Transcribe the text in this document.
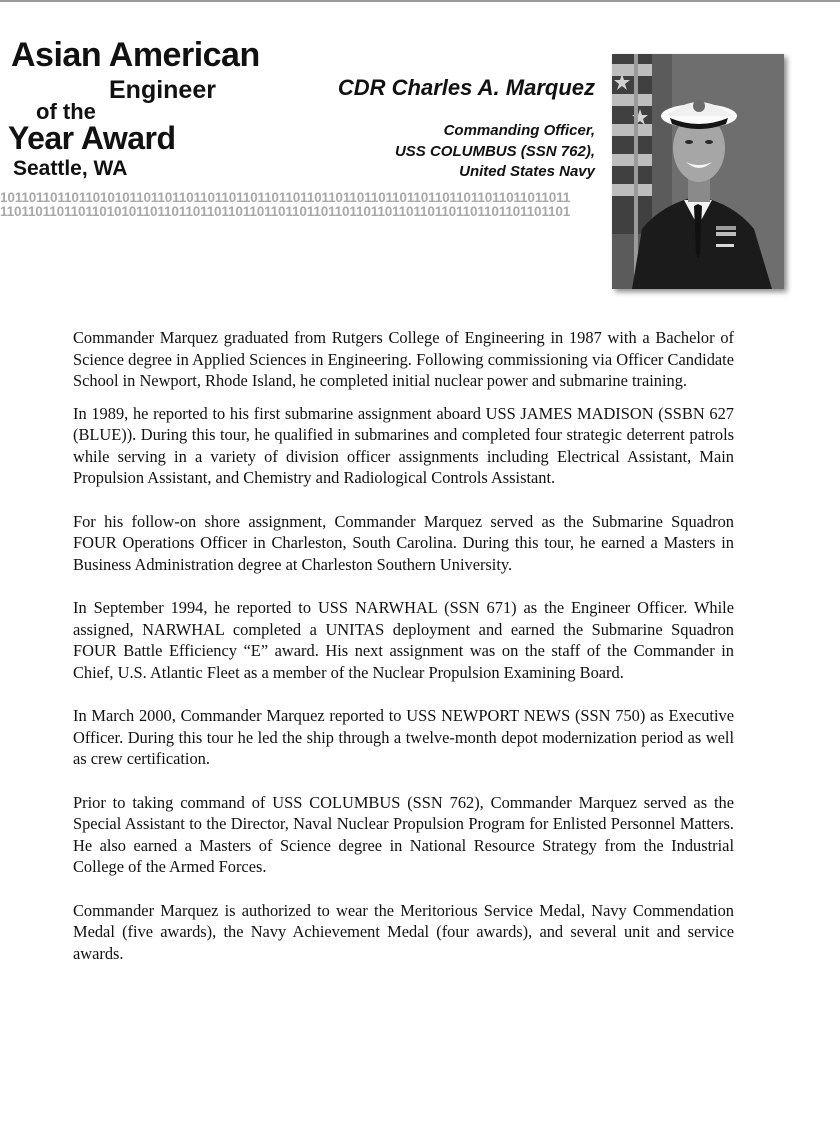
Asian American
Engineer
of the
Year Award
Seattle, WA
10110110110110101011011011011011011011011011011011011011011011011011011011011011
11011011011011010101101101101101101101101101101101101101101101101101101101101101
CDR Charles A. Marquez
Commanding Officer,
USS COLUMBUS (SSN 762),
United States Navy

Commander Marquez graduated from Rutgers College of Engineering in 1987 with a Bachelor of Science degree in Applied Sciences in Engineering. Following commissioning via Officer Candidate School in Newport, Rhode Island, he completed initial nuclear power and submarine training.

In 1989, he reported to his first submarine assignment aboard USS JAMES MADISON (SSBN 627 (BLUE)). During this tour, he qualified in submarines and completed four strategic deterrent patrols while serving in a variety of division officer assignments including Electrical Assistant, Main Propulsion Assistant, and Chemistry and Radiological Controls Assistant.

For his follow-on shore assignment, Commander Marquez served as the Submarine Squadron FOUR Operations Officer in Charleston, South Carolina. During this tour, he earned a Masters in Business Administration degree at Charleston Southern University.

In September 1994, he reported to USS NARWHAL (SSN 671) as the Engineer Officer. While assigned, NARWHAL completed a UNITAS deployment and earned the Submarine Squadron FOUR Battle Efficiency “E” award. His next assignment was on the staff of the Commander in Chief, U.S. Atlantic Fleet as a member of the Nuclear Propulsion Examining Board.

In March 2000, Commander Marquez reported to USS NEWPORT NEWS (SSN 750) as Executive Officer. During this tour he led the ship through a twelve-month depot modernization period as well as crew certification.

Prior to taking command of USS COLUMBUS (SSN 762), Commander Marquez served as the Special Assistant to the Director, Naval Nuclear Propulsion Program for Enlisted Personnel Matters. He also earned a Masters of Science degree in National Resource Strategy from the Industrial College of the Armed Forces.

Commander Marquez is authorized to wear the Meritorious Service Medal, Navy Commendation Medal (five awards), the Navy Achievement Medal (four awards), and several unit and service awards.
